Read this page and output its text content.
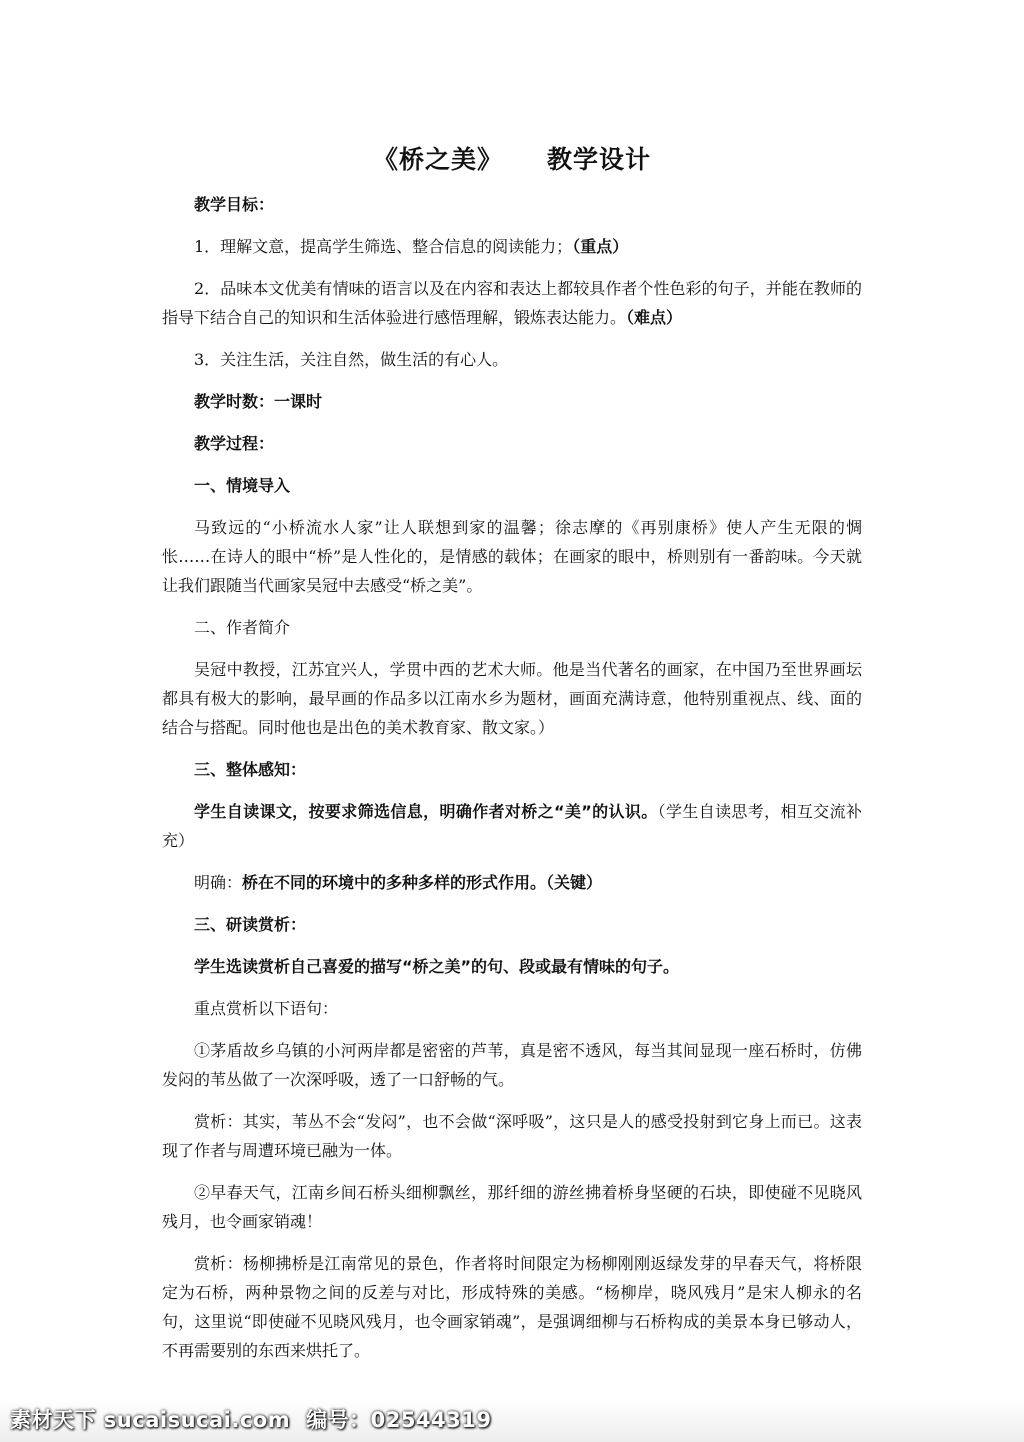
《桥之美》 教学设计
教学目标：
1．理解文意，提高学生筛选、整合信息的阅读能力；（重点）
2．品味本文优美有情味的语言以及在内容和表达上都较具作者个性色彩的句子，并能在教师的指导下结合自己的知识和生活体验进行感悟理解，锻炼表达能力。（难点）
3．关注生活，关注自然，做生活的有心人。
教学时数：一课时
教学过程：
一、情境导入
马致远的“小桥流水人家”让人联想到家的温馨；徐志摩的《再别康桥》使人产生无限的惆怅……在诗人的眼中“桥”是人性化的，是情感的载体；在画家的眼中，桥则别有一番韵味。今天就让我们跟随当代画家吴冠中去感受“桥之美”。
二、作者简介
吴冠中教授，江苏宜兴人，学贯中西的艺术大师。他是当代著名的画家，在中国乃至世界画坛都具有极大的影响，最早画的作品多以江南水乡为题材，画面充满诗意，他特别重视点、线、面的结合与搭配。同时他也是出色的美术教育家、散文家。）
三、整体感知：
学生自读课文，按要求筛选信息，明确作者对桥之“美”的认识。（学生自读思考，相互交流补充）
明确：桥在不同的环境中的多种多样的形式作用。（关键）
三、研读赏析：
学生选读赏析自己喜爱的描写“桥之美”的句、段或最有情味的句子。
重点赏析以下语句：
①茅盾故乡乌镇的小河两岸都是密密的芦苇，真是密不透风，每当其间显现一座石桥时，仿佛发闷的苇丛做了一次深呼吸，透了一口舒畅的气。
赏析：其实，苇丛不会“发闷”，也不会做“深呼吸”，这只是人的感受投射到它身上而已。这表现了作者与周遭环境已融为一体。
②早春天气，江南乡间石桥头细柳飘丝，那纤细的游丝拂着桥身坚硬的石块，即使碰不见晓风残月，也令画家销魂！
赏析：杨柳拂桥是江南常见的景色，作者将时间限定为杨柳刚刚返绿发芽的早春天气，将桥限定为石桥，两种景物之间的反差与对比，形成特殊的美感。“杨柳岸，晓风残月”是宋人柳永的名句，这里说“即使碰不见晓风残月，也令画家销魂”，是强调细柳与石桥构成的美景本身已够动人，不再需要别的东西来烘托了。
素材天下 sucaisucai.com 编号：02544319
